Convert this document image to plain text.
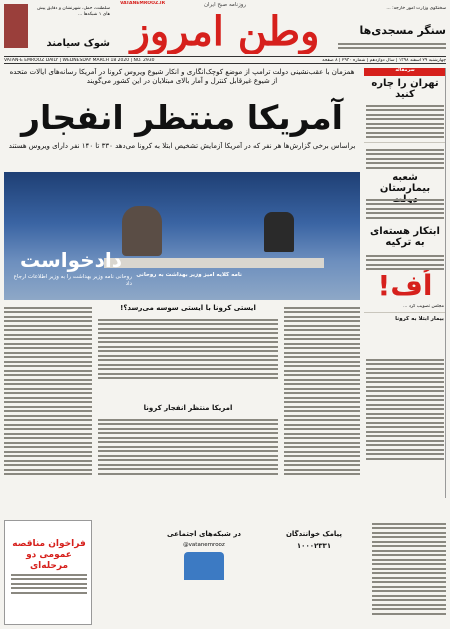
سلطنت، حمل، شهرنشان و دقایق پیش های ۱ شبکه‌ها ...
شوک سیامند
روزنامه صبح ایران
وطن امروز
VATANEMROOZ.IR
سخنگوی وزارت امور خارجه: ...
سنگر مسجدی‌ها
VATAN-E EMROOZ DAILY | WEDNESDAY MARCH 18 2020 | NO. 2930	چهارشنبه ۲۹ اسفند ۱۳۹۸ | سال دوازدهم | شماره ۲۹۳۰ | ۸ صفحه
همزمان با عقب‌نشینی دولت ترامپ از موضع کوچک‌انگاری و انکار شیوع ویروس کرونا در آمریکا رسانه‌های ایالات متحده از شیوع غیرقابل کنترل و آمار بالای مبتلایان در این کشور می‌گویند
آمریکا منتظر انفجار
براساس برخی گزارش‌ها هر نفر که در آمریکا آزمایش تشخیص ابتلا به کرونا می‌دهد ۳۳۰ تا ۱۴۰ نفر دارای ویروس هستند
سرمقاله
تهران را چاره کنید
شعبه بیمارستان
ابتکار هسته‌ای به ترکیه
اُف!
مجلس تصویب کرد ...
بیمار ابتلا به کرونا
داد‌خواست
روحانی نامه وزیر بهداشت را به وزیر اطلاعات ارجاع داد
نامه گلایه آمیز وزیر بهداشت به روحانی
آیستی کرونا با آیستی سوسه می‌رسد؟!
آمریکا منتظر انفجار کرونا
فراخوان مناقصه عمومی دو مرحله‌ای
در شبکه‌های اجتماعی
@vatanemrooz
پیامک خوانندگان
۱۰۰۰۲۳۳۱
